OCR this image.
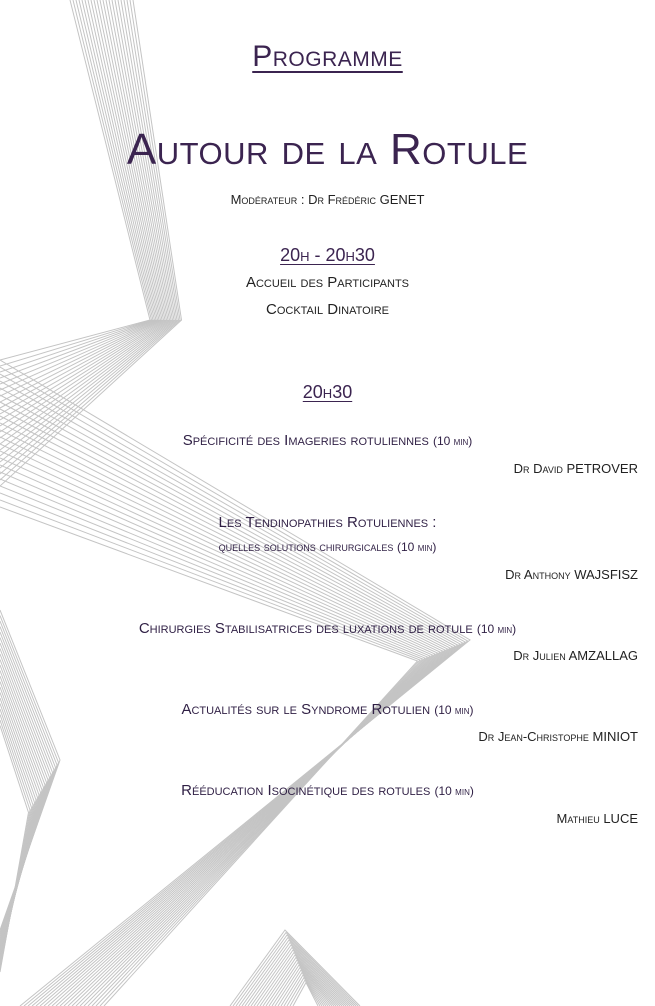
Programme
Autour de la Rotule
Modérateur : Dr Frédéric GENET
20h - 20h30
Accueil des Participants
Cocktail Dinatoire
20h30
Spécificité des Imageries rotuliennes (10 min)
Dr David PETROVER
Les Tendinopathies Rotuliennes :
quelles solutions chirurgicales (10 min)
Dr Anthony WAJSFISZ
Chirurgies Stabilisatrices des luxations de rotule (10 min)
Dr Julien AMZALLAG
Actualités sur le Syndrome Rotulien (10 min)
Dr Jean-Christophe MINIOT
Rééducation Isocinétique des rotules (10 min)
Mathieu LUCE
